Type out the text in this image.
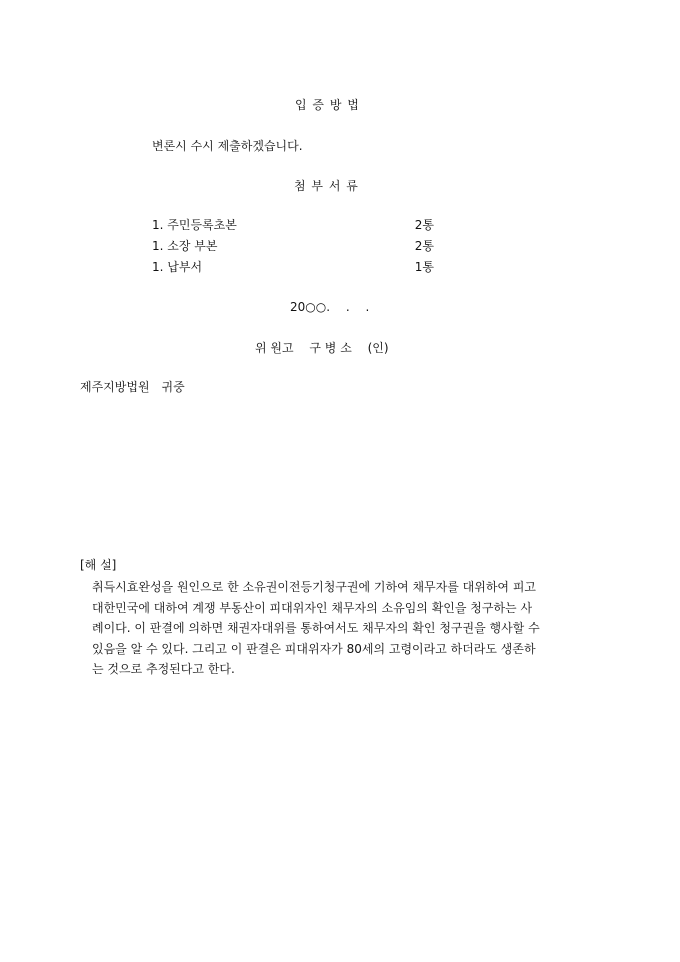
입 증 방 법
변론시 수시 제출하겠습니다.
첨 부 서 류
1. 주민등록초본	2통
1. 소장 부본	2통
1. 납부서	1통
20○○.　 .　 .
위 원고　 구 병 소 　(인)
제주지방법원　귀중
[해 설]

취득시효완성을 원인으로 한 소유권이전등기청구권에 기하여 채무자를 대위하여 피고

대한민국에 대하여 계쟁 부동산이 피대위자인 채무자의 소유임의 확인을 청구하는 사

례이다. 이 판결에 의하면 채권자대위를 통하여서도 채무자의 확인 청구권을 행사할 수

있음을 알 수 있다. 그리고 이 판결은 피대위자가 80세의 고령이라고 하더라도 생존하

는 것으로 추정된다고 한다.
